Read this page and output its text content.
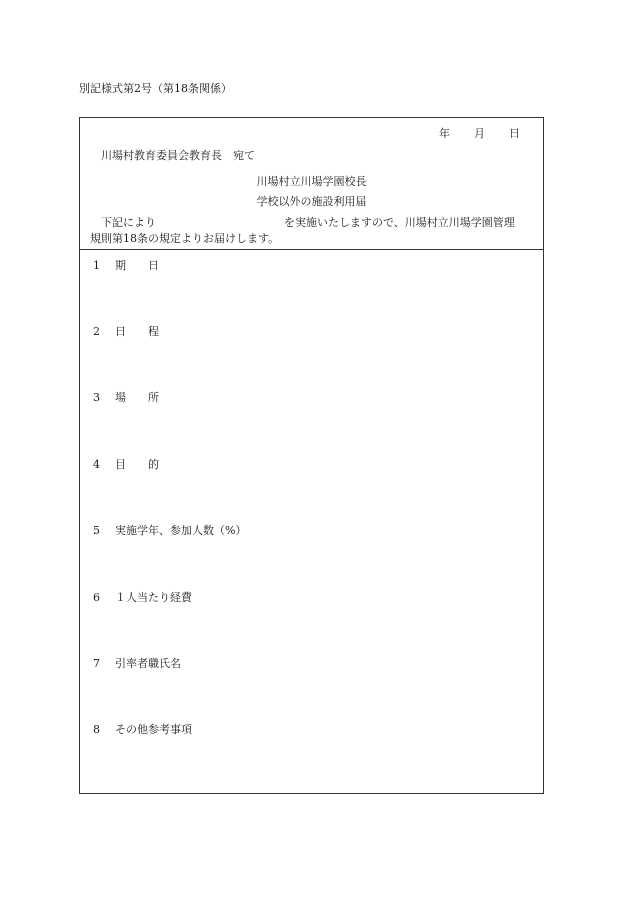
別記様式第2号（第18条関係）
年 月 日
川場村教育委員会教育長　宛て
川場村立川場学園校長
学校以外の施設利用届
下記により	を実施いたしますので、川場村立川場学園管理
規則第18条の規定よりお届けします。
1 期日
2 日程
3 場所
4 目的
5 実施学年、参加人数（%）
6 １人当たり経費
7 引率者職氏名
8 その他参考事項
